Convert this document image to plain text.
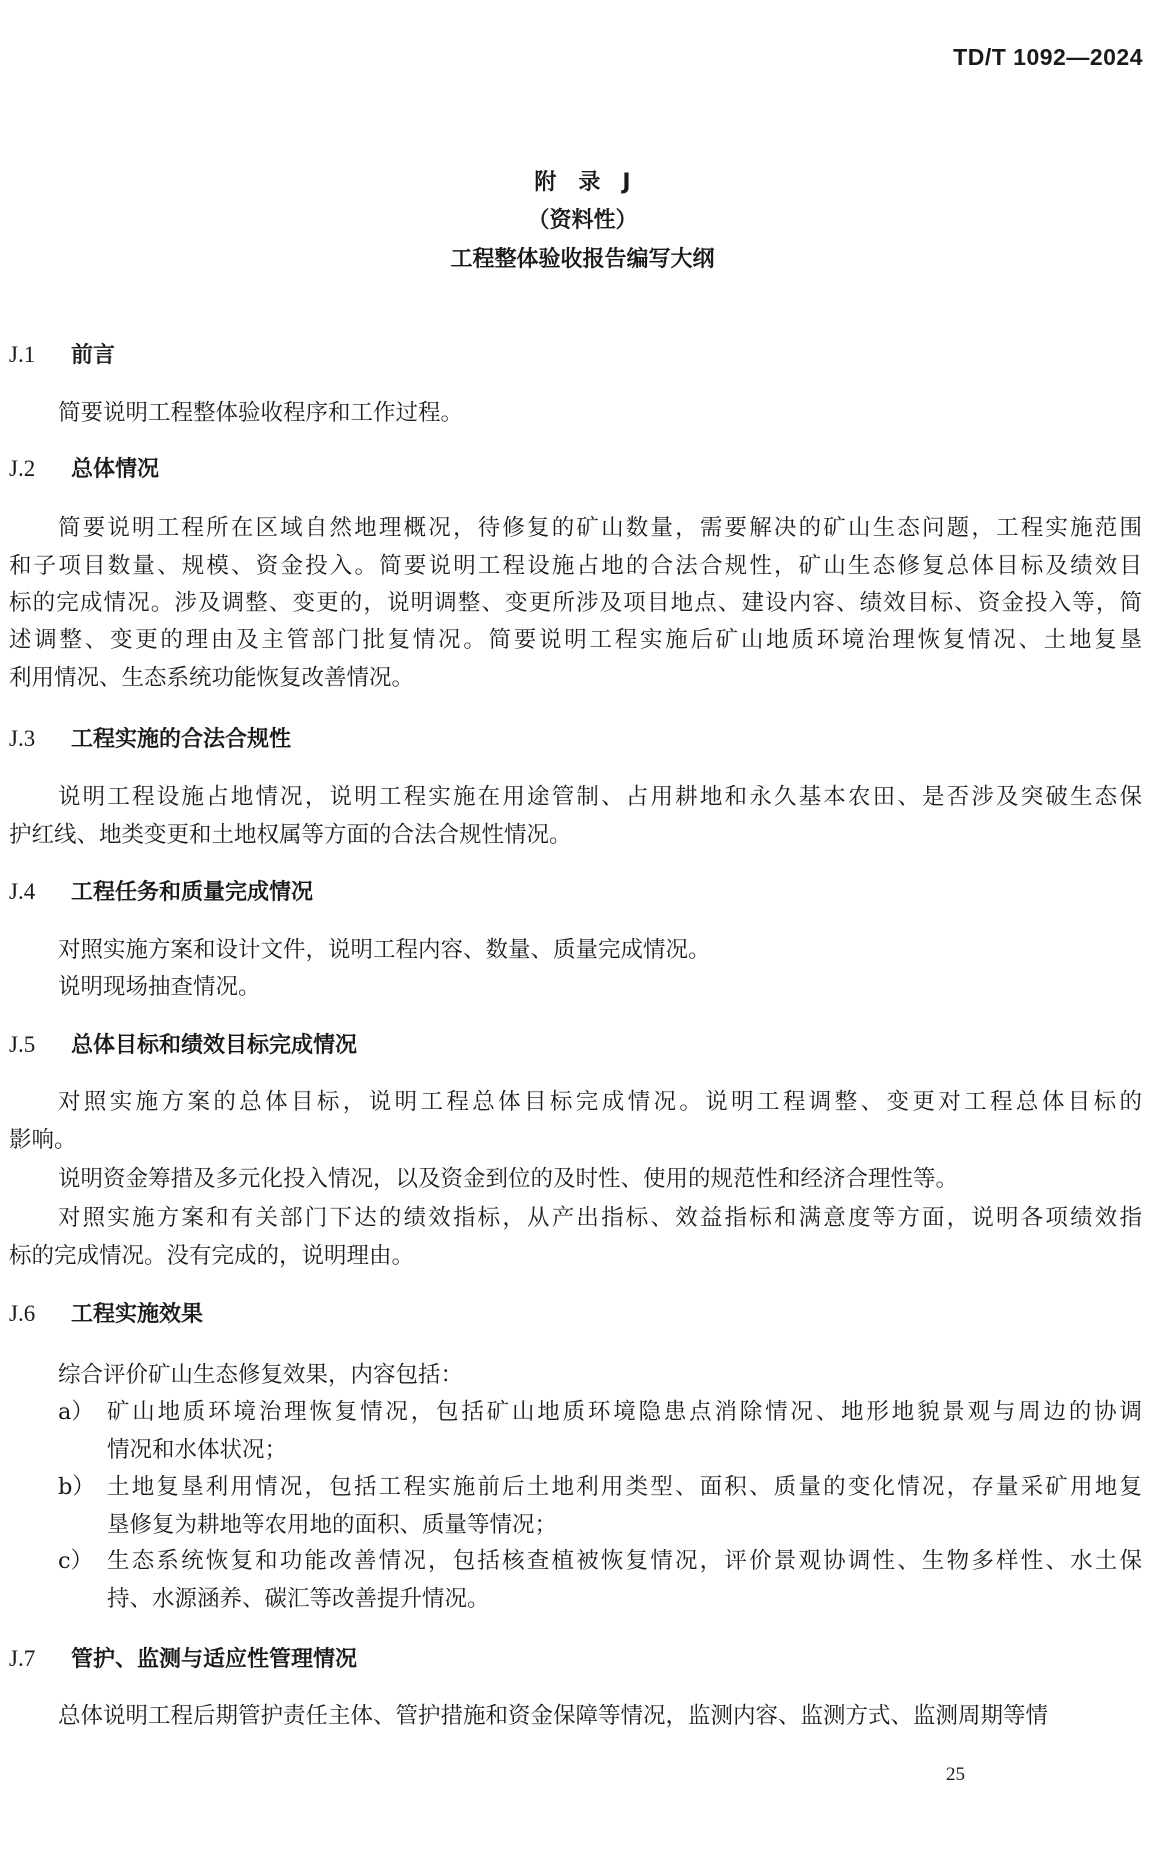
TD/T 1092—2024
附　录　J
（资料性）
工程整体验收报告编写大纲
J.1 前言
简要说明工程整体验收程序和工作过程。
J.2 总体情况
简要说明工程所在区域自然地理概况，待修复的矿山数量，需要解决的矿山生态问题，工程实施范围
和子项目数量、规模、资金投入。简要说明工程设施占地的合法合规性，矿山生态修复总体目标及绩效目
标的完成情况。涉及调整、变更的，说明调整、变更所涉及项目地点、建设内容、绩效目标、资金投入等，简
述调整、变更的理由及主管部门批复情况。简要说明工程实施后矿山地质环境治理恢复情况、土地复垦
利用情况、生态系统功能恢复改善情况。
J.3 工程实施的合法合规性
说明工程设施占地情况，说明工程实施在用途管制、占用耕地和永久基本农田、是否涉及突破生态保
护红线、地类变更和土地权属等方面的合法合规性情况。
J.4 工程任务和质量完成情况
对照实施方案和设计文件，说明工程内容、数量、质量完成情况。
说明现场抽查情况。
J.5 总体目标和绩效目标完成情况
对照实施方案的总体目标，说明工程总体目标完成情况。说明工程调整、变更对工程总体目标的
影响。
说明资金筹措及多元化投入情况，以及资金到位的及时性、使用的规范性和经济合理性等。
对照实施方案和有关部门下达的绩效指标，从产出指标、效益指标和满意度等方面，说明各项绩效指
标的完成情况。没有完成的，说明理由。
J.6 工程实施效果
综合评价矿山生态修复效果，内容包括：
a） 矿山地质环境治理恢复情况，包括矿山地质环境隐患点消除情况、地形地貌景观与周边的协调
情况和水体状况；
b） 土地复垦利用情况，包括工程实施前后土地利用类型、面积、质量的变化情况，存量采矿用地复
垦修复为耕地等农用地的面积、质量等情况；
c） 生态系统恢复和功能改善情况，包括核查植被恢复情况，评价景观协调性、生物多样性、水土保
持、水源涵养、碳汇等改善提升情况。
J.7 管护、监测与适应性管理情况
总体说明工程后期管护责任主体、管护措施和资金保障等情况，监测内容、监测方式、监测周期等情
25
